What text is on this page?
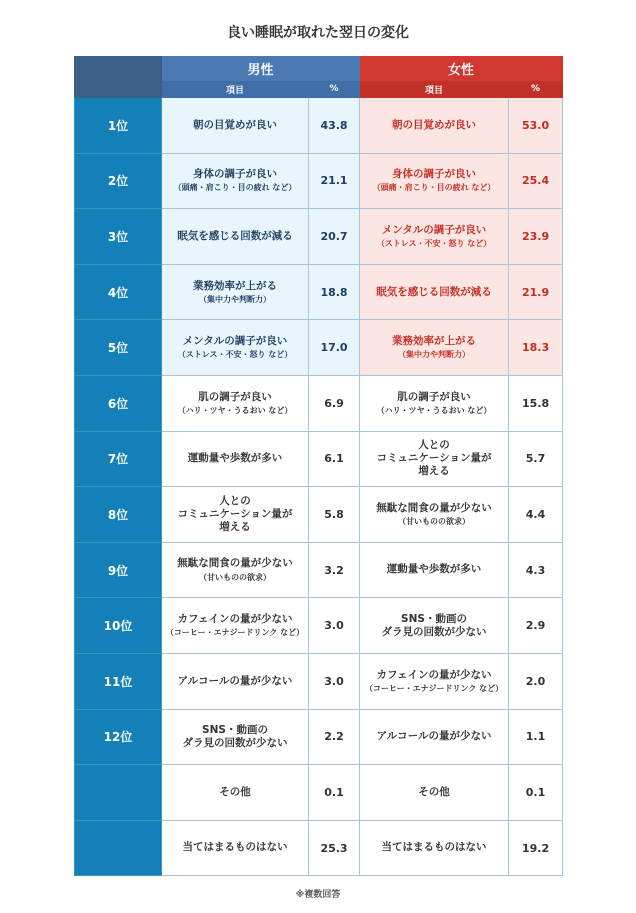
良い睡眠が取れた翌日の変化
	男性		女性	
	項目	%	項目	%
1位	朝の目覚めが良い	43.8	朝の目覚めが良い	53.0
2位	身体の調子が良い
（頭痛・肩こり・目の疲れ など）	21.1	身体の調子が良い
（頭痛・肩こり・目の疲れ など）	25.4
3位	眠気を感じる回数が減る	20.7	メンタルの調子が良い
（ストレス・不安・怒り など）	23.9
4位	業務効率が上がる
（集中力や判断力）	18.8	眠気を感じる回数が減る	21.9
5位	メンタルの調子が良い
（ストレス・不安・怒り など）	17.0	業務効率が上がる
（集中力や判断力）	18.3
6位	肌の調子が良い
（ハリ・ツヤ・うるおい など）	6.9	肌の調子が良い
（ハリ・ツヤ・うるおい など）	15.8
7位	運動量や歩数が多い	6.1	人との
コミュニケーション量が
増える	5.7
8位	人との
コミュニケーション量が
増える	5.8	無駄な間食の量が少ない
（甘いものの欲求）	4.4
9位	無駄な間食の量が少ない
（甘いものの欲求）	3.2	運動量や歩数が多い	4.3
10位	カフェインの量が少ない
（コーヒー・エナジードリンク など）	3.0	SNS・動画の
ダラ見の回数が少ない	2.9
11位	アルコールの量が少ない	3.0	カフェインの量が少ない
（コーヒー・エナジードリンク など）	2.0
12位	SNS・動画の
ダラ見の回数が少ない	2.2	アルコールの量が少ない	1.1
	その他	0.1	その他	0.1
	当てはまるものはない	25.3	当てはまるものはない	19.2
※複数回答
